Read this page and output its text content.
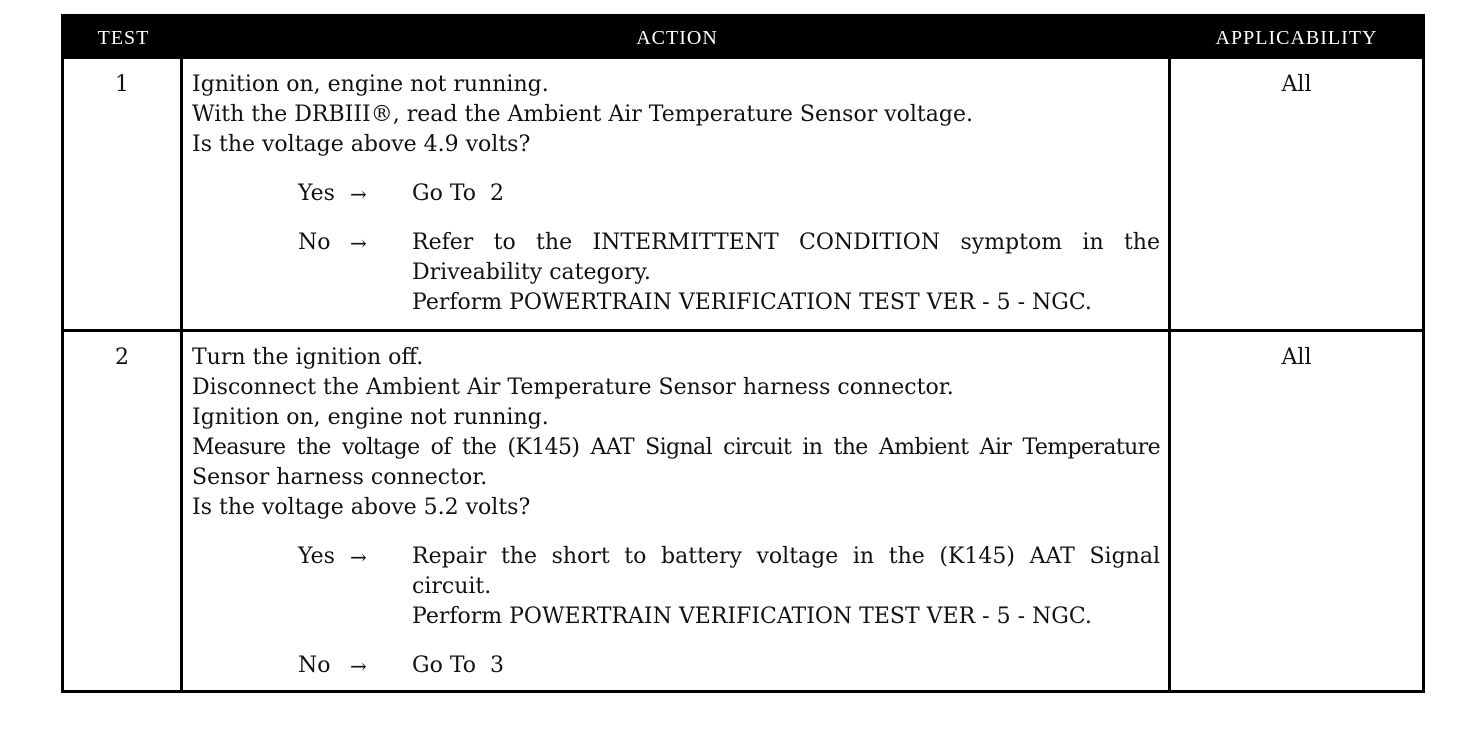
TEST	ACTION	APPLICABILITY
1	Ignition on, engine not running.
With the DRBIII®, read the Ambient Air Temperature Sensor voltage.
Is the voltage above 4.9 volts?
Yes →	Go To 2
No →	Refer to the INTERMITTENT CONDITION symptom in the
Driveability category.
Perform POWERTRAIN VERIFICATION TEST VER - 5 - NGC.
All
2	Turn the ignition off.
Disconnect the Ambient Air Temperature Sensor harness connector.
Ignition on, engine not running.
Measure the voltage of the (K145) AAT Signal circuit in the Ambient Air Temperature
Sensor harness connector.
Is the voltage above 5.2 volts?
Yes →	Repair the short to battery voltage in the (K145) AAT Signal
circuit.
Perform POWERTRAIN VERIFICATION TEST VER - 5 - NGC.
No →	Go To 3
All
